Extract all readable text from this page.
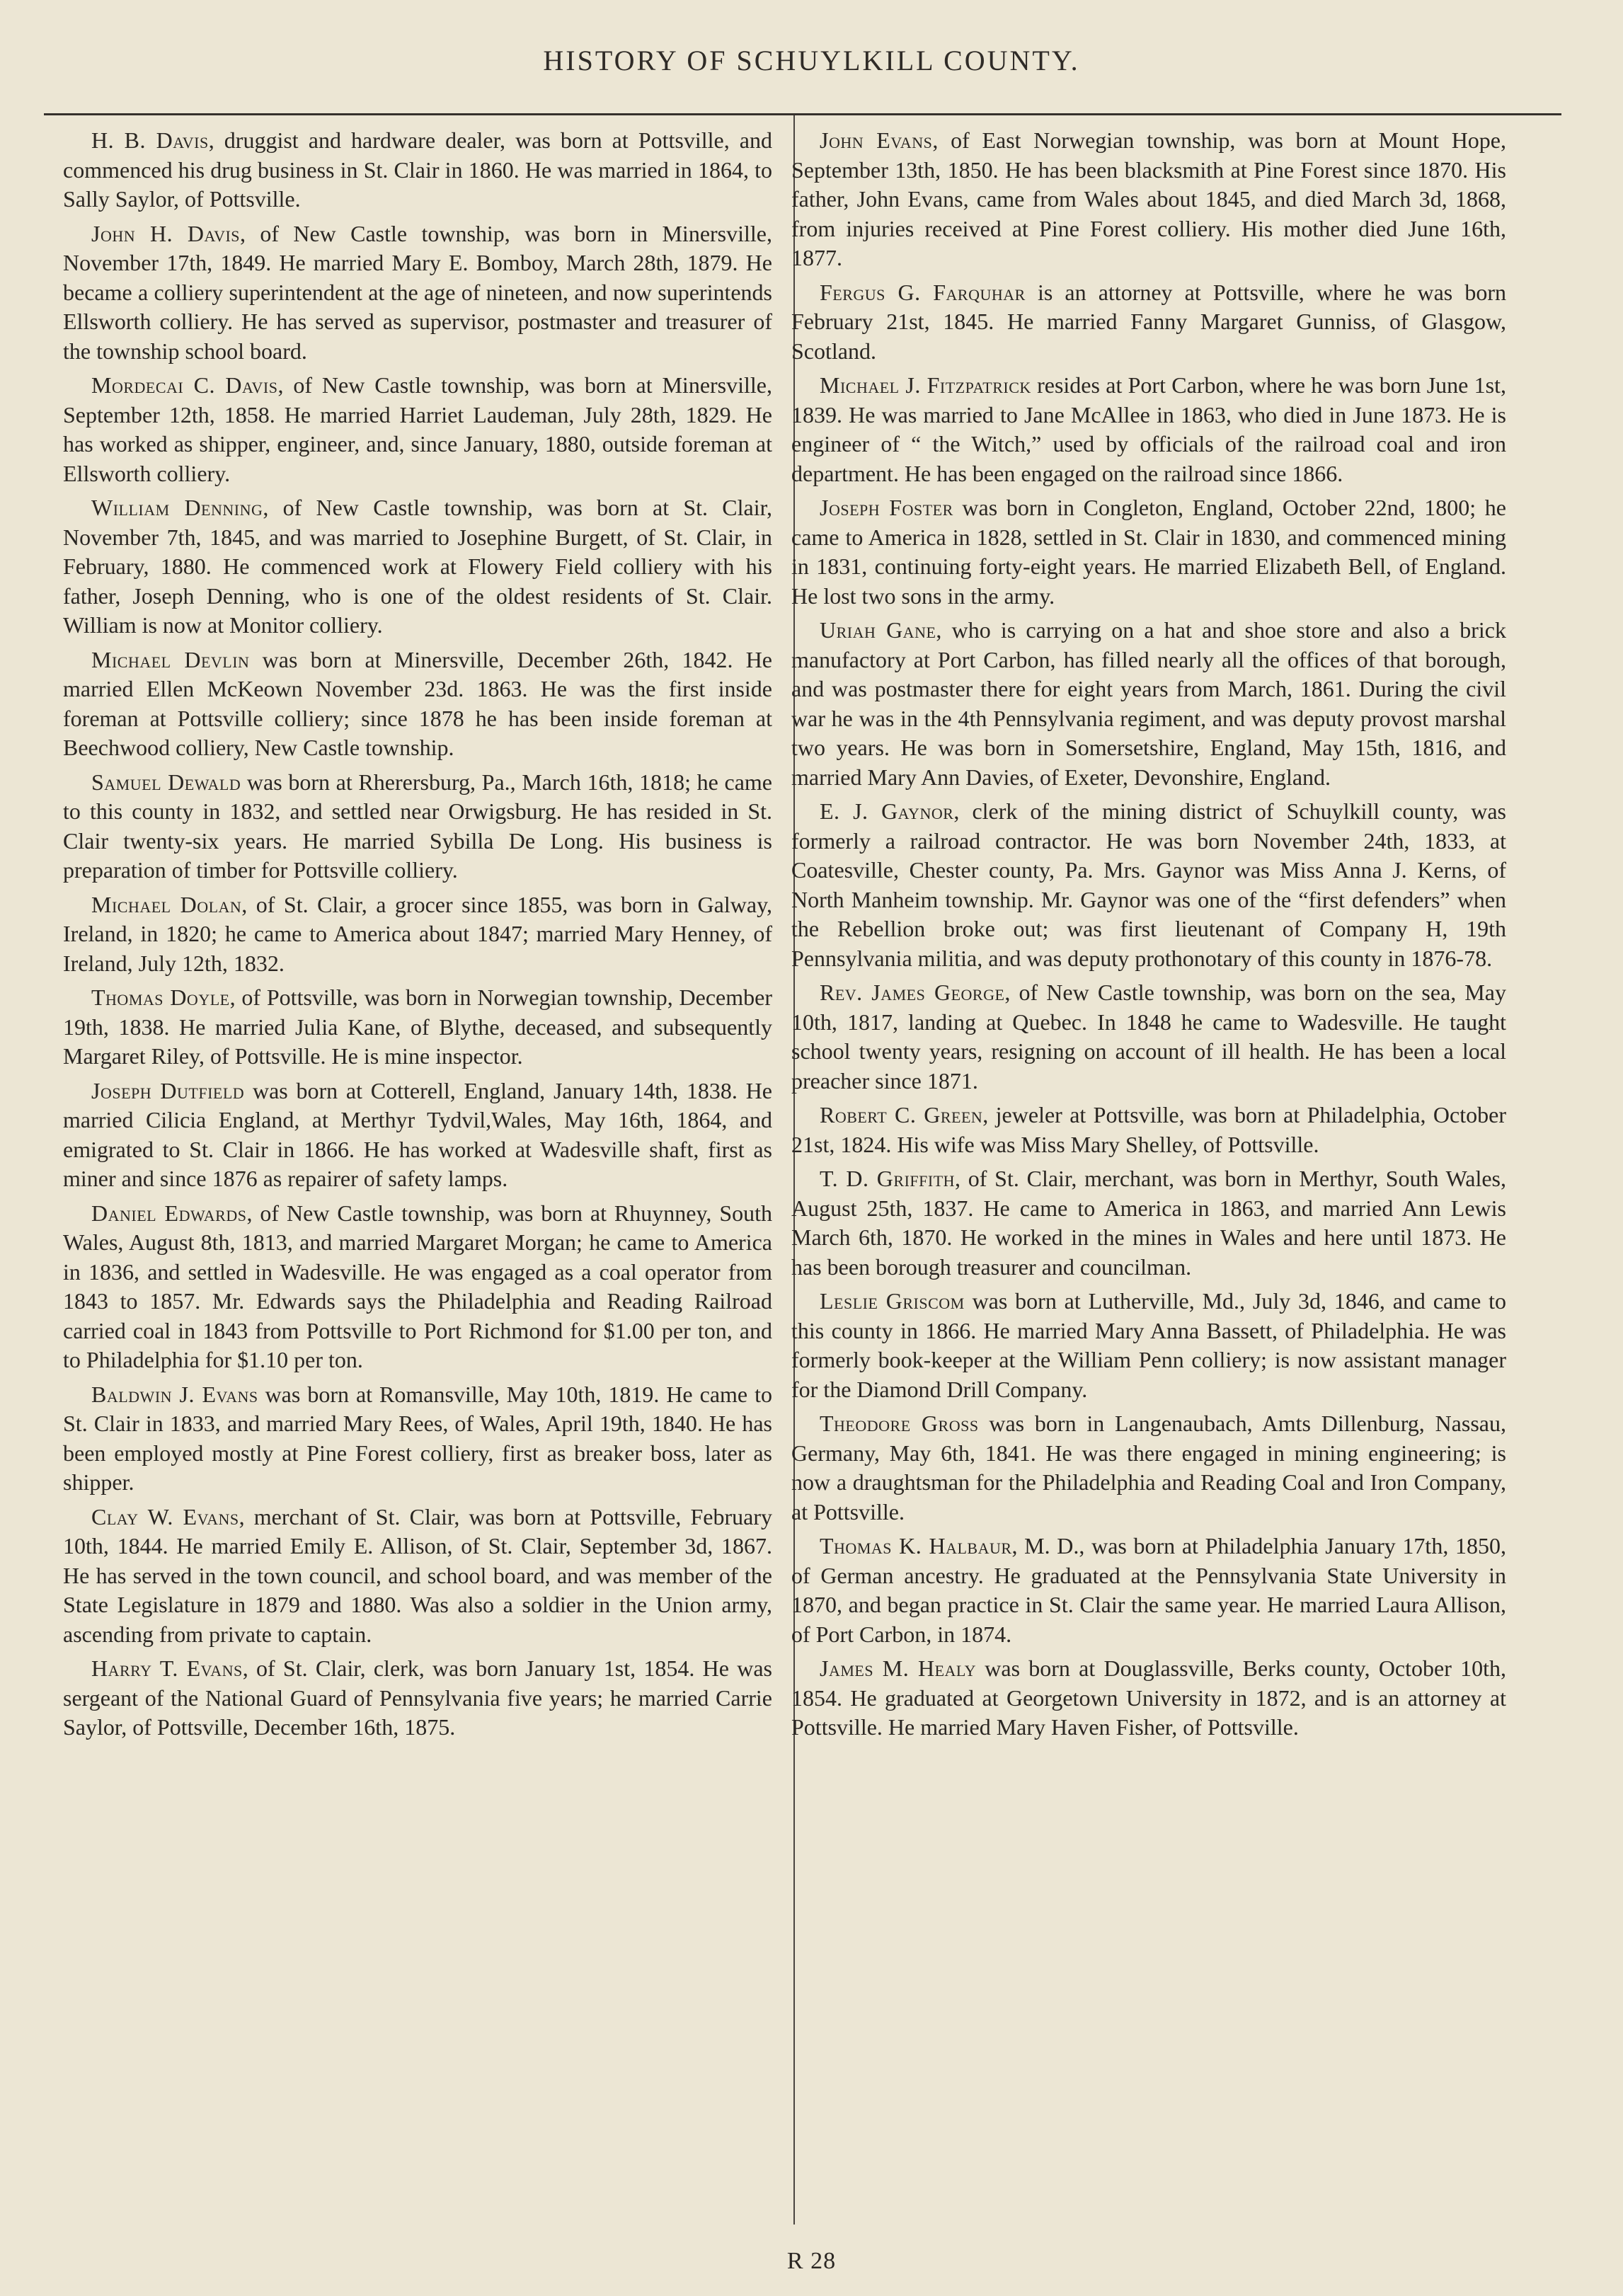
HISTORY OF SCHUYLKILL COUNTY.

H. B. Davis, druggist and hardware dealer, was born at Pottsville, and commenced his drug business in St. Clair in 1860. He was married in 1864, to Sally Saylor, of Pottsville.

John H. Davis, of New Castle township, was born in Minersville, November 17th, 1849. He married Mary E. Bomboy, March 28th, 1879. He became a colliery superintendent at the age of nineteen, and now superintends Ellsworth colliery. He has served as supervisor, postmaster and treasurer of the township school board.

Mordecai C. Davis, of New Castle township, was born at Minersville, September 12th, 1858. He married Harriet Laudeman, July 28th, 1829. He has worked as shipper, engineer, and, since January, 1880, outside foreman at Ellsworth colliery.

William Denning, of New Castle township, was born at St. Clair, November 7th, 1845, and was married to Josephine Burgett, of St. Clair, in February, 1880. He commenced work at Flowery Field colliery with his father, Joseph Denning, who is one of the oldest residents of St. Clair. William is now at Monitor colliery.

Michael Devlin was born at Minersville, December 26th, 1842. He married Ellen McKeown November 23d. 1863. He was the first inside foreman at Pottsville colliery; since 1878 he has been inside foreman at Beechwood colliery, New Castle township.

Samuel Dewald was born at Rherersburg, Pa., March 16th, 1818; he came to this county in 1832, and settled near Orwigsburg. He has resided in St. Clair twenty-six years. He married Sybilla De Long. His business is preparation of timber for Pottsville colliery.

Michael Dolan, of St. Clair, a grocer since 1855, was born in Galway, Ireland, in 1820; he came to America about 1847; married Mary Henney, of Ireland, July 12th, 1832.

Thomas Doyle, of Pottsville, was born in Norwegian township, December 19th, 1838. He married Julia Kane, of Blythe, deceased, and subsequently Margaret Riley, of Pottsville. He is mine inspector.

Joseph Dutfield was born at Cotterell, England, January 14th, 1838. He married Cilicia England, at Merthyr Tydvil,Wales, May 16th, 1864, and emigrated to St. Clair in 1866. He has worked at Wadesville shaft, first as miner and since 1876 as repairer of safety lamps.

Daniel Edwards, of New Castle township, was born at Rhuynney, South Wales, August 8th, 1813, and married Margaret Morgan; he came to America in 1836, and settled in Wadesville. He was engaged as a coal operator from 1843 to 1857. Mr. Edwards says the Philadelphia and Reading Railroad carried coal in 1843 from Pottsville to Port Richmond for $1.00 per ton, and to Philadelphia for $1.10 per ton.

Baldwin J. Evans was born at Romansville, May 10th, 1819. He came to St. Clair in 1833, and married Mary Rees, of Wales, April 19th, 1840. He has been employed mostly at Pine Forest colliery, first as breaker boss, later as shipper.

Clay W. Evans, merchant of St. Clair, was born at Pottsville, February 10th, 1844. He married Emily E. Allison, of St. Clair, September 3d, 1867. He has served in the town council, and school board, and was member of the State Legislature in 1879 and 1880. Was also a soldier in the Union army, ascending from private to captain.

Harry T. Evans, of St. Clair, clerk, was born January 1st, 1854. He was sergeant of the National Guard of Pennsylvania five years; he married Carrie Saylor, of Pottsville, December 16th, 1875.

John Evans, of East Norwegian township, was born at Mount Hope, September 13th, 1850. He has been blacksmith at Pine Forest since 1870. His father, John Evans, came from Wales about 1845, and died March 3d, 1868, from injuries received at Pine Forest colliery. His mother died June 16th, 1877.

Fergus G. Farquhar is an attorney at Pottsville, where he was born February 21st, 1845. He married Fanny Margaret Gunniss, of Glasgow, Scotland.

Michael J. Fitzpatrick resides at Port Carbon, where he was born June 1st, 1839. He was married to Jane McAllee in 1863, who died in June 1873. He is engineer of “ the Witch,” used by officials of the railroad coal and iron department. He has been engaged on the railroad since 1866.

Joseph Foster was born in Congleton, England, October 22nd, 1800; he came to America in 1828, settled in St. Clair in 1830, and commenced mining in 1831, continuing forty-eight years. He married Elizabeth Bell, of England. He lost two sons in the army.

Uriah Gane, who is carrying on a hat and shoe store and also a brick manufactory at Port Carbon, has filled nearly all the offices of that borough, and was postmaster there for eight years from March, 1861. During the civil war he was in the 4th Pennsylvania regiment, and was deputy provost marshal two years. He was born in Somersetshire, England, May 15th, 1816, and married Mary Ann Davies, of Exeter, Devonshire, England.

E. J. Gaynor, clerk of the mining district of Schuylkill county, was formerly a railroad contractor. He was born November 24th, 1833, at Coatesville, Chester county, Pa. Mrs. Gaynor was Miss Anna J. Kerns, of North Manheim township. Mr. Gaynor was one of the “first defenders” when the Rebellion broke out; was first lieutenant of Company H, 19th Pennsylvania militia, and was deputy prothonotary of this county in 1876-78.

Rev. James George, of New Castle township, was born on the sea, May 10th, 1817, landing at Quebec. In 1848 he came to Wadesville. He taught school twenty years, resigning on account of ill health. He has been a local preacher since 1871.

Robert C. Green, jeweler at Pottsville, was born at Philadelphia, October 21st, 1824. His wife was Miss Mary Shelley, of Pottsville.

T. D. Griffith, of St. Clair, merchant, was born in Merthyr, South Wales, August 25th, 1837. He came to America in 1863, and married Ann Lewis March 6th, 1870. He worked in the mines in Wales and here until 1873. He has been borough treasurer and councilman.

Leslie Griscom was born at Lutherville, Md., July 3d, 1846, and came to this county in 1866. He married Mary Anna Bassett, of Philadelphia. He was formerly book-keeper at the William Penn colliery; is now assistant manager for the Diamond Drill Company.

Theodore Gross was born in Langenaubach, Amts Dillenburg, Nassau, Germany, May 6th, 1841. He was there engaged in mining engineering; is now a draughtsman for the Philadelphia and Reading Coal and Iron Company, at Pottsville.

Thomas K. Halbaur, M. D., was born at Philadelphia January 17th, 1850, of German ancestry. He graduated at the Pennsylvania State University in 1870, and began practice in St. Clair the same year. He married Laura Allison, of Port Carbon, in 1874.

James M. Healy was born at Douglassville, Berks county, October 10th, 1854. He graduated at Georgetown University in 1872, and is an attorney at Pottsville. He married Mary Haven Fisher, of Pottsville.

R 28
